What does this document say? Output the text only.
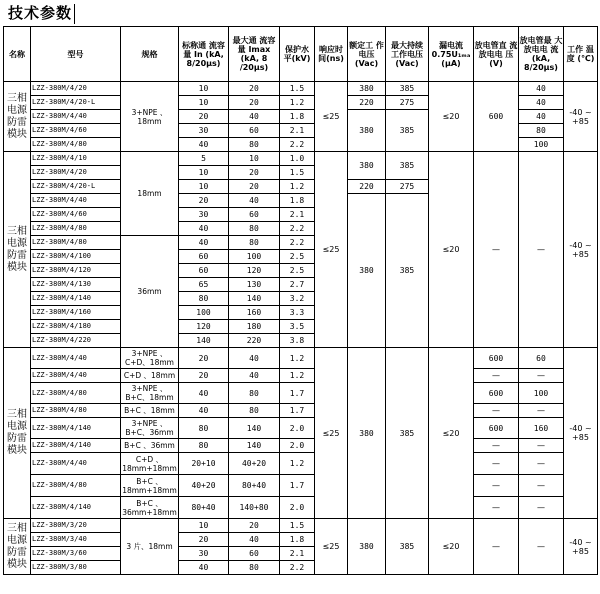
技术参数
名称	型号	规格	标称通 流容量 In (kA, 8/20μs)	最大通 流容量 Imax (kA, 8 /20μs)	保护水 平(kV)	响应时 间(ns)	额定工 作电压 (Vac)	最大持续 工作电压 (Vac)	漏电流 0.75U₁ₘₐ (μA)	放电管直 流放电电 压(V)	放电管最 大放电电 流(kA, 8/20μs)	工作 温度 (℃)
三相电源防雷模块	LZZ-380M/4/20	3+NPE 、18mm	10	20	1.5	≤25	380	385	≤20	600	40	-40 ~ +85
	LZZ-380M/4/20-L		10	20	1.2		220	275			40	
	LZZ-380M/4/40		20	40	1.8		380	385			40	
	LZZ-380M/4/60		30	60	2.1						80	
	LZZ-380M/4/80		40	80	2.2						100	
三相电源防雷模块	LZZ-380M/4/10	18mm	5	10	1.0	≤25	380	385	≤20	—	—	-40 ~ +85
	LZZ-380M/4/20		10	20	1.5							
	LZZ-380M/4/20-L		10	20	1.2		220	275				
	LZZ-380M/4/40		20	40	1.8		380	385				
	LZZ-380M/4/60		30	60	2.1							
	LZZ-380M/4/80		40	80	2.2							
	LZZ-380M/4/80	36mm	40	80	2.2							
	LZZ-380M/4/100		60	100	2.5							
	LZZ-380M/4/120		60	120	2.5							
	LZZ-380M/4/130		65	130	2.7							
	LZZ-380M/4/140		80	140	3.2							
	LZZ-380M/4/160		100	160	3.3							
	LZZ-380M/4/180		120	180	3.5							
	LZZ-380M/4/220		140	220	3.8							
三相电源防雷模块	LZZ-380M/4/40	3+NPE 、C+D、18mm	20	40	1.2	≤25	380	385	≤20	600	60	-40 ~ +85
	LZZ-380M/4/40	C+D 、18mm	20	40	1.2					—	—	
	LZZ-380M/4/80	3+NPE 、B+C、18mm	40	80	1.7					600	100	
	LZZ-380M/4/80	B+C 、18mm	40	80	1.7					—	—	
	LZZ-380M/4/140	3+NPE 、B+C、36mm	80	140	2.0					600	160	
	LZZ-380M/4/140	B+C 、36mm	80	140	2.0					—	—	
	LZZ-380M/4/40	C+D 、18mm+18mm	20+10	40+20	1.2					—	—	
	LZZ-380M/4/80	B+C 、18mm+18mm	40+20	80+40	1.7					—	—	
	LZZ-380M/4/140	B+C 、36mm+18mm	80+40	140+80	2.0					—	—	
三相电源防雷模块	LZZ-380M/3/20	3 片、18mm	10	20	1.5	≤25	380	385	≤20	—	—	-40 ~ +85
	LZZ-380M/3/40		20	40	1.8							
	LZZ-380M/3/60		30	60	2.1							
	LZZ-380M/3/80		40	80	2.2							
